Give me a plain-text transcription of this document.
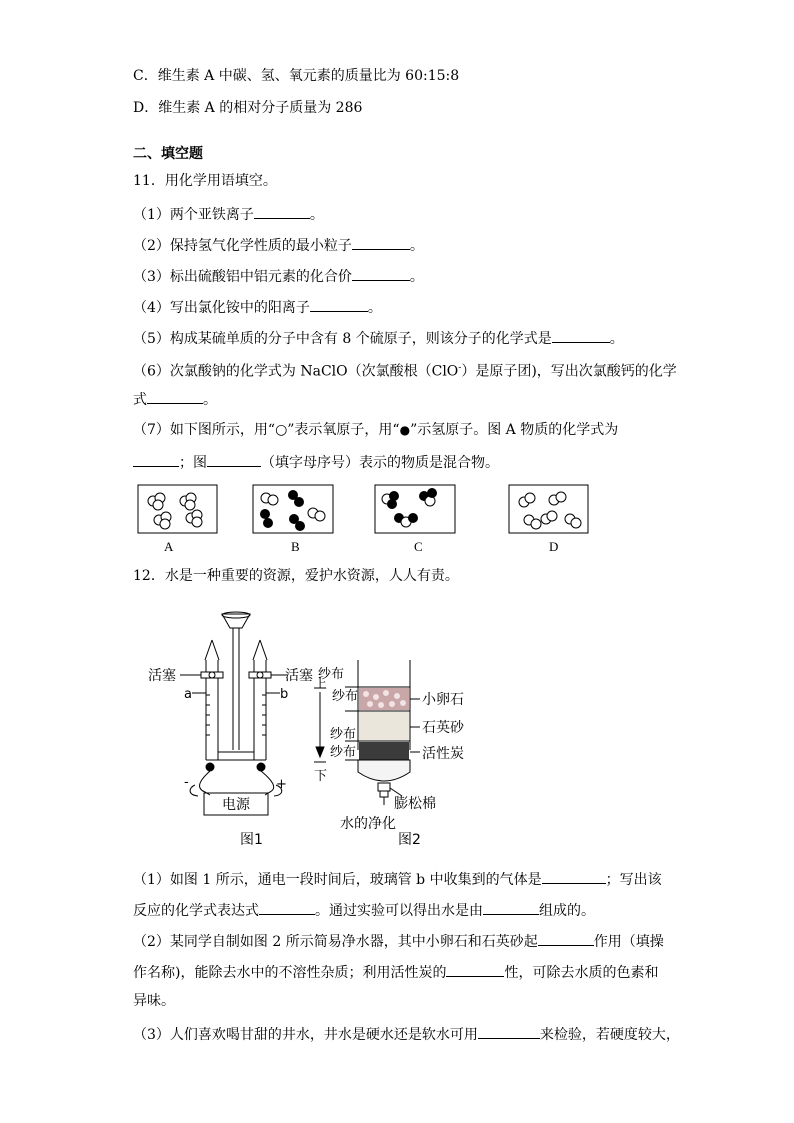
C．维生素 A 中碳、氢、氧元素的质量比为 60:15:8
D．维生素 A 的相对分子质量为 286
二、填空题
11．用化学用语填空。
（1）两个亚铁离子	。
（2）保持氢气化学性质的最小粒子	。
（3）标出硫酸铝中铝元素的化合价	。
（4）写出氯化铵中的阳离子	。
（5）构成某硫单质的分子中含有 8 个硫原子，则该分子的化学式是	。
（6）次氯酸钠的化学式为 NaClO（次氯酸根（ClO-）是原子团)，写出次氯酸钙的化学
式	。
（7）如下图所示，用“○”表示氧原子，用“●”示氢原子。图 A 物质的化学式为
；图	（填字母序号）表示的物质是混合物。
A	B	C	D
12．水是一种重要的资源，爱护水资源，人人有责。
活塞	活塞
a	b
-	+
电源
图1
纱布
上
纱布
纱布
纱布
下
小卵石
石英砂
活性炭
膨松棉
水的净化
图2
（1）如图 1 所示，通电一段时间后，玻璃管 b 中收集到的气体是	；写出该
反应的化学式表达式	。通过实验可以得出水是由	组成的。
（2）某同学自制如图 2 所示简易净水器，其中小卵石和石英砂起	作用（填操
作名称)，能除去水中的不溶性杂质；利用活性炭的	性，可除去水质的色素和
异味。
（3）人们喜欢喝甘甜的井水，井水是硬水还是软水可用	来检验，若硬度较大，
